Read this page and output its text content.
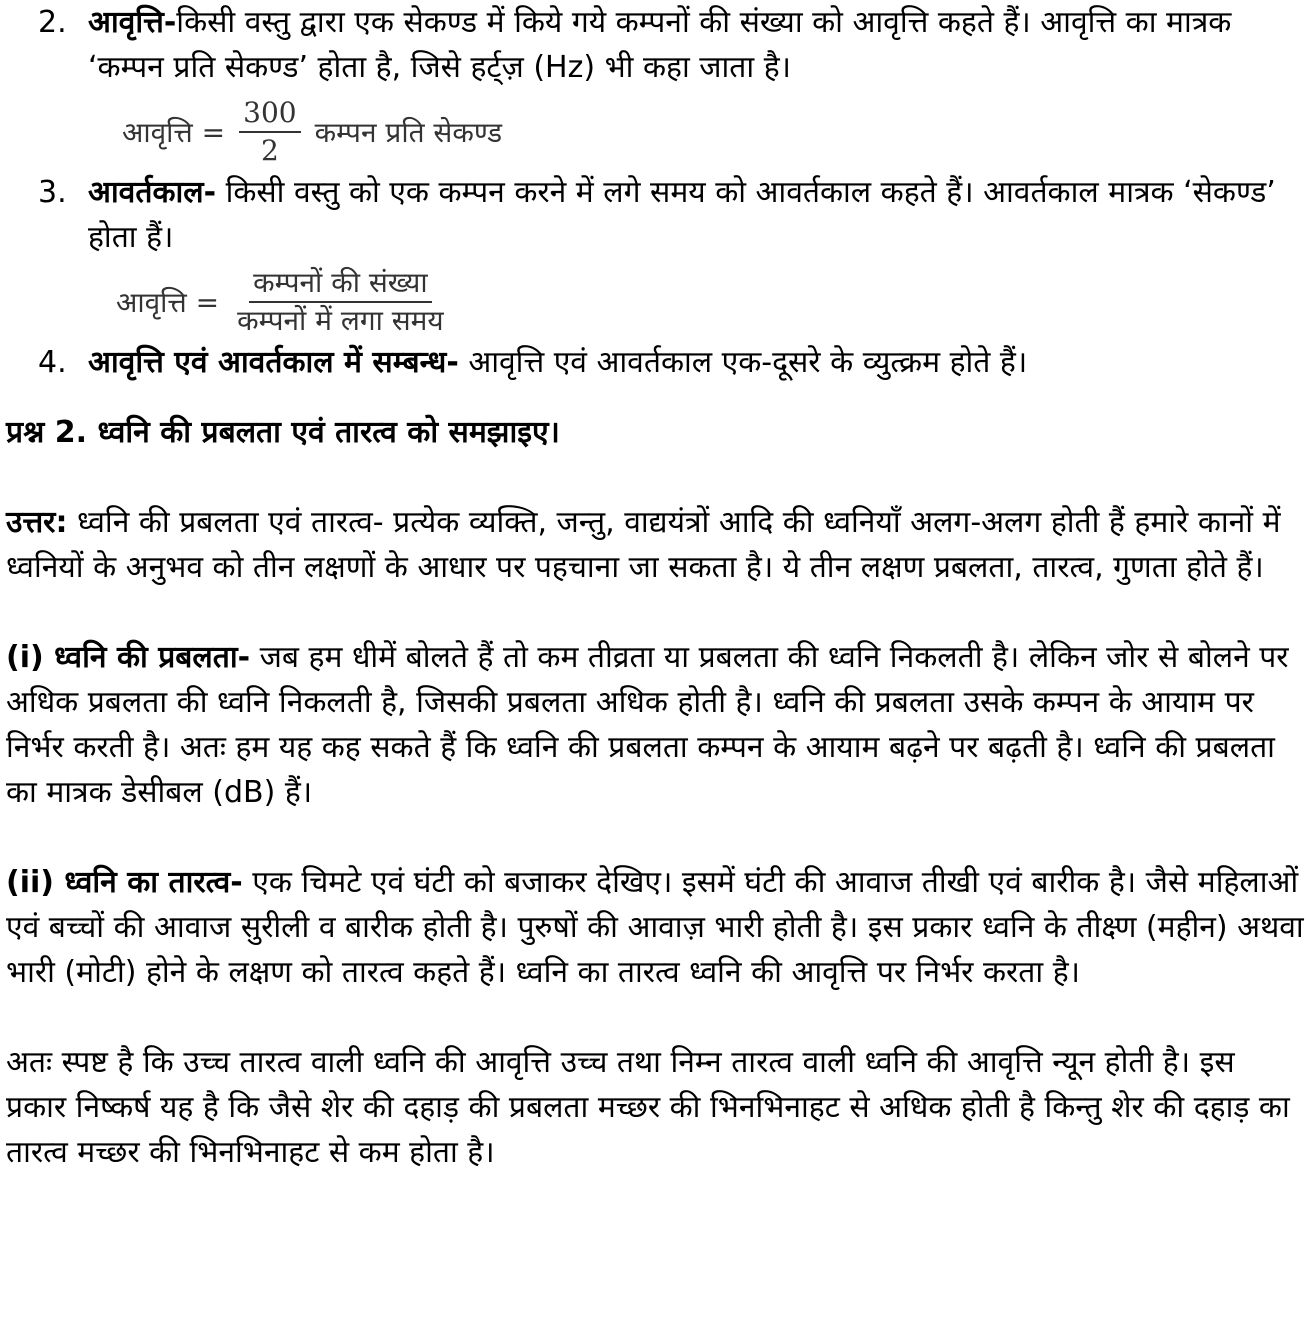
2. आवृत्ति-किसी वस्तु द्वारा एक सेकण्ड में किये गये कम्पनों की संख्या को आवृत्ति कहते हैं। आवृत्ति का मात्रक ‘कम्पन प्रति सेकण्ड’ होता है, जिसे हर्ट्ज़ (Hz) भी कहा जाता है।
आवृत्ति = $\frac{300}{2}$ कम्पन प्रति सेकण्ड
3. आवर्तकाल- किसी वस्तु को एक कम्पन करने में लगे समय को आवर्तकाल कहते हैं। आवर्तकाल मात्रक ‘सेकण्ड’ होता हैं।
आवृत्ति = $\frac{\text{कम्पनों की संख्या}}{\text{कम्पनों में लगा समय}}$
4. आवृत्ति एवं आवर्तकाल में सम्बन्ध- आवृत्ति एवं आवर्तकाल एक-दूसरे के व्युत्क्रम होते हैं।
प्रश्न 2. ध्वनि की प्रबलता एवं तारत्व को समझाइए।
उत्तर: ध्वनि की प्रबलता एवं तारत्व- प्रत्येक व्यक्ति, जन्तु, वाद्ययंत्रों आदि की ध्वनियाँ अलग-अलग होती हैं हमारे कानों में ध्वनियों के अनुभव को तीन लक्षणों के आधार पर पहचाना जा सकता है। ये तीन लक्षण प्रबलता, तारत्व, गुणता होते हैं।
(i) ध्वनि की प्रबलता- जब हम धीमें बोलते हैं तो कम तीव्रता या प्रबलता की ध्वनि निकलती है। लेकिन जोर से बोलने पर अधिक प्रबलता की ध्वनि निकलती है, जिसकी प्रबलता अधिक होती है। ध्वनि की प्रबलता उसके कम्पन के आयाम पर निर्भर करती है। अतः हम यह कह सकते हैं कि ध्वनि की प्रबलता कम्पन के आयाम बढ़ने पर बढ़ती है। ध्वनि की प्रबलता का मात्रक डेसीबल (dB) हैं।
(ii) ध्वनि का तारत्व- एक चिमटे एवं घंटी को बजाकर देखिए। इसमें घंटी की आवाज तीखी एवं बारीक है। जैसे महिलाओं एवं बच्चों की आवाज सुरीली व बारीक होती है। पुरुषों की आवाज़ भारी होती है। इस प्रकार ध्वनि के तीक्ष्ण (महीन) अथवा भारी (मोटी) होने के लक्षण को तारत्व कहते हैं। ध्वनि का तारत्व ध्वनि की आवृत्ति पर निर्भर करता है।
अतः स्पष्ट है कि उच्च तारत्व वाली ध्वनि की आवृत्ति उच्च तथा निम्न तारत्व वाली ध्वनि की आवृत्ति न्यून होती है। इस प्रकार निष्कर्ष यह है कि जैसे शेर की दहाड़ की प्रबलता मच्छर की भिनभिनाहट से अधिक होती है किन्तु शेर की दहाड़ का तारत्व मच्छर की भिनभिनाहट से कम होता है।
